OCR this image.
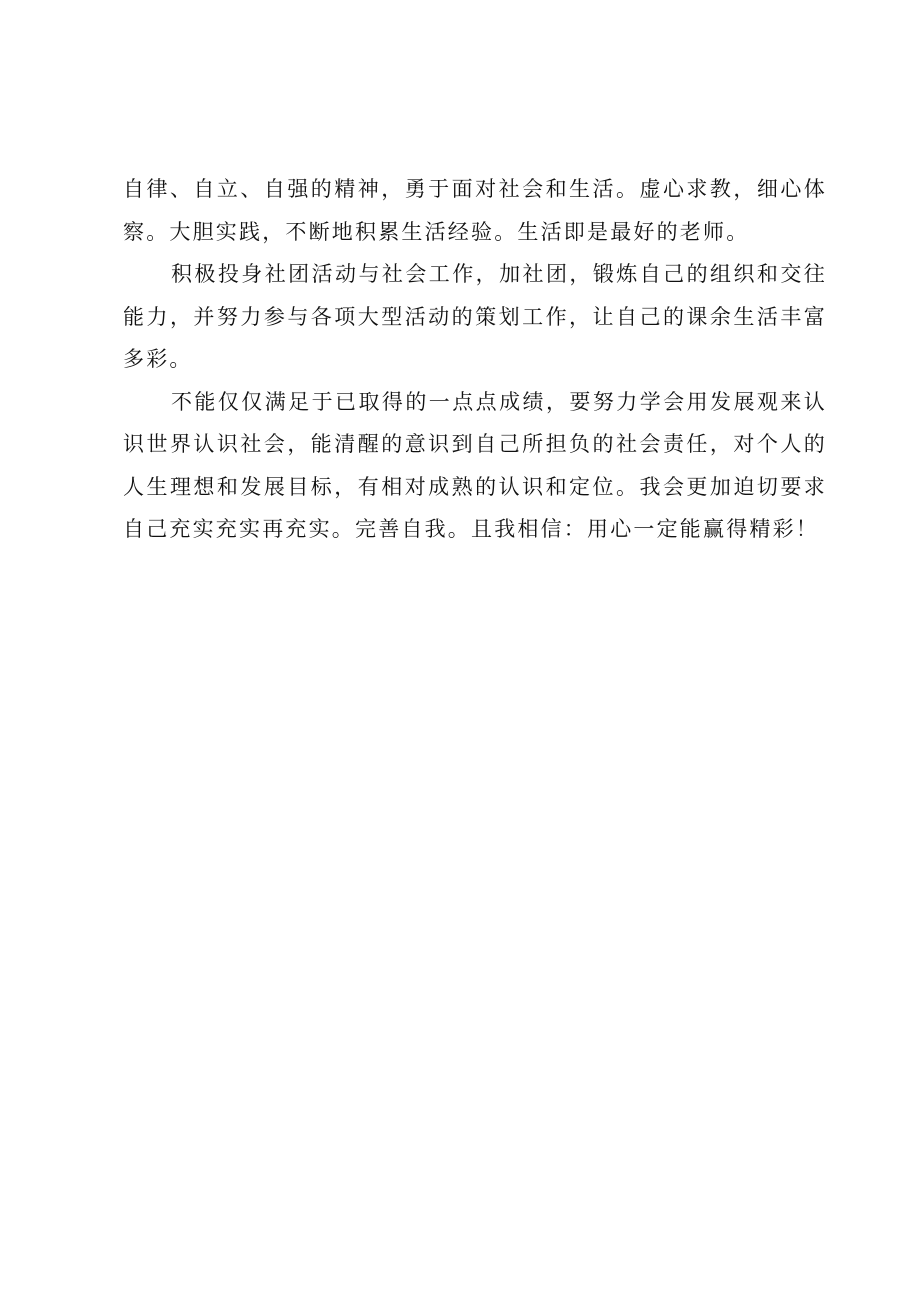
自律、自立、自强的精神，勇于面对社会和生活。虚心求教，细心体察。大胆实践，不断地积累生活经验。生活即是最好的老师。

积极投身社团活动与社会工作，加社团，锻炼自己的组织和交往能力，并努力参与各项大型活动的策划工作，让自己的课余生活丰富多彩。

不能仅仅满足于已取得的一点点成绩，要努力学会用发展观来认识世界认识社会，能清醒的意识到自己所担负的社会责任，对个人的人生理想和发展目标，有相对成熟的认识和定位。我会更加迫切要求自己充实充实再充实。完善自我。且我相信：用心一定能赢得精彩！
